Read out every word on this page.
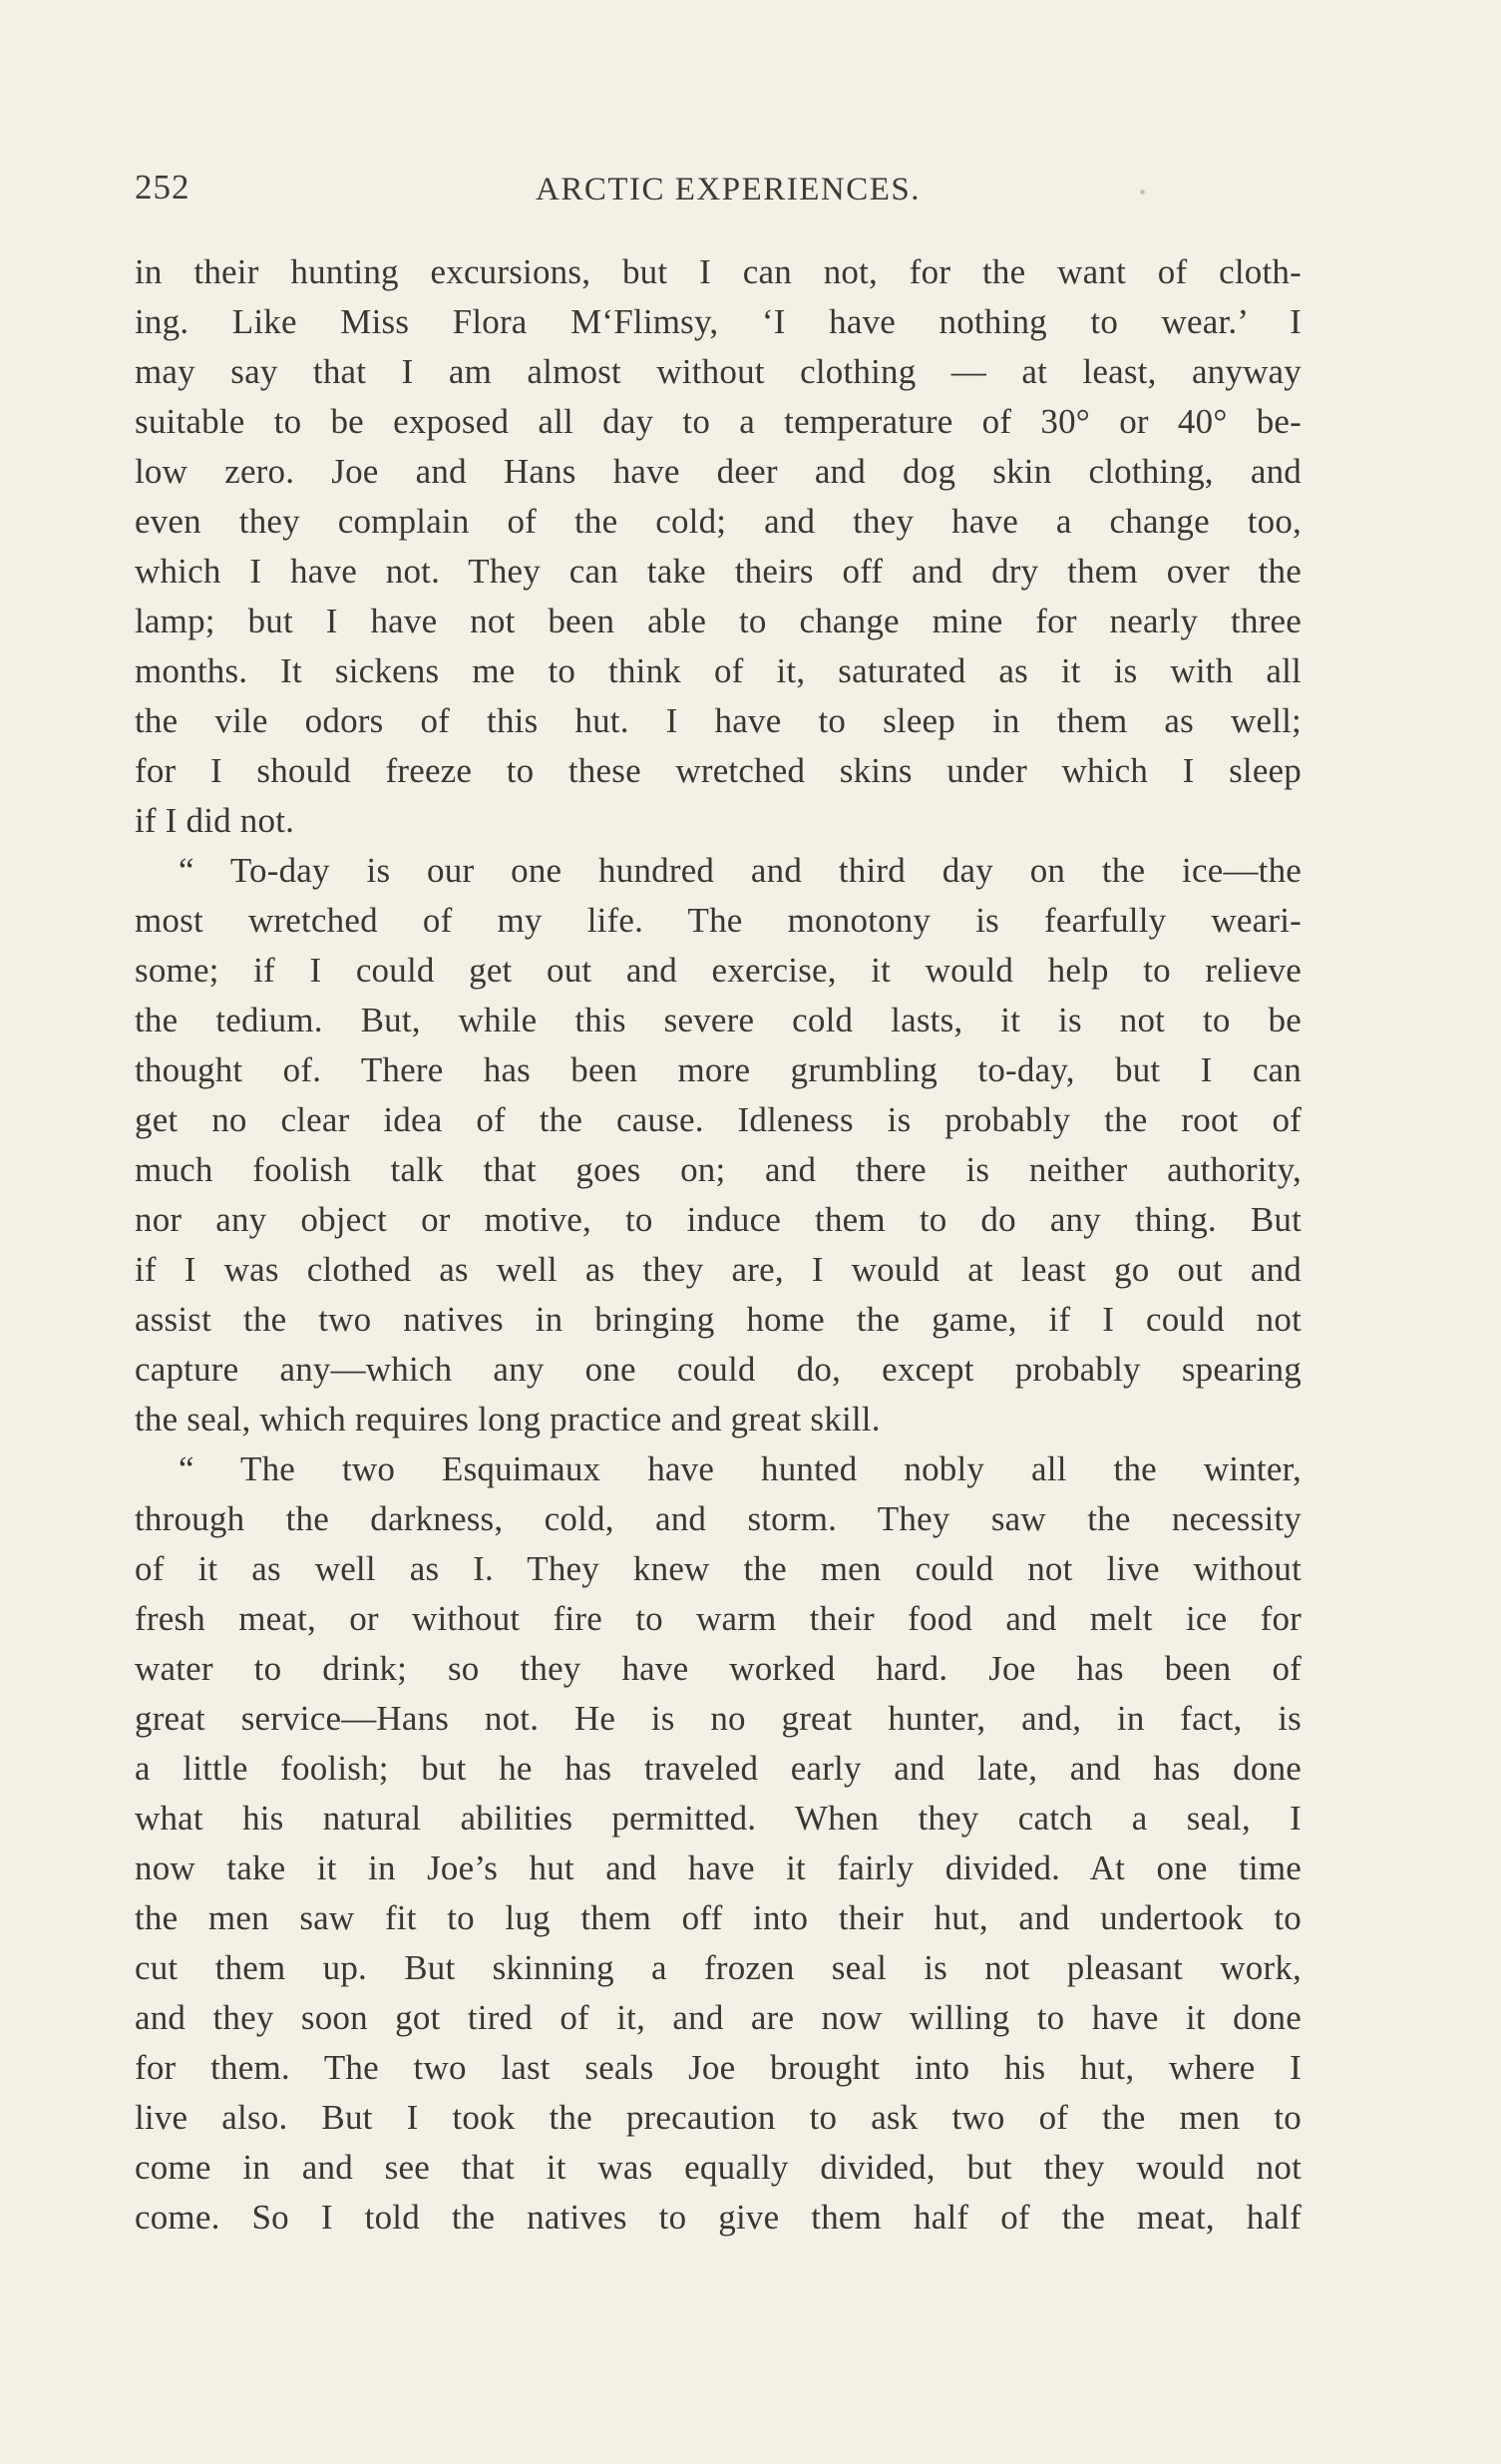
252	ARCTIC EXPERIENCES.
in their hunting excursions, but I can not, for the want of cloth-
ing. Like Miss Flora M‘Flimsy, ‘I have nothing to wear.’ I
may say that I am almost without clothing — at least, anyway
suitable to be exposed all day to a temperature of 30° or 40° be-
low zero. Joe and Hans have deer and dog skin clothing, and
even they complain of the cold; and they have a change too,
which I have not. They can take theirs off and dry them over the
lamp; but I have not been able to change mine for nearly three
months. It sickens me to think of it, saturated as it is with all
the vile odors of this hut. I have to sleep in them as well;
for I should freeze to these wretched skins under which I sleep
if I did not.
“ To-day is our one hundred and third day on the ice—the
most wretched of my life. The monotony is fearfully weari-
some; if I could get out and exercise, it would help to relieve
the tedium. But, while this severe cold lasts, it is not to be
thought of. There has been more grumbling to-day, but I can
get no clear idea of the cause. Idleness is probably the root of
much foolish talk that goes on; and there is neither authority,
nor any object or motive, to induce them to do any thing. But
if I was clothed as well as they are, I would at least go out and
assist the two natives in bringing home the game, if I could not
capture any—which any one could do, except probably spearing
the seal, which requires long practice and great skill.
“ The two Esquimaux have hunted nobly all the winter,
through the darkness, cold, and storm. They saw the necessity
of it as well as I. They knew the men could not live without
fresh meat, or without fire to warm their food and melt ice for
water to drink; so they have worked hard. Joe has been of
great service—Hans not. He is no great hunter, and, in fact, is
a little foolish; but he has traveled early and late, and has done
what his natural abilities permitted. When they catch a seal, I
now take it in Joe’s hut and have it fairly divided. At one time
the men saw fit to lug them off into their hut, and undertook to
cut them up. But skinning a frozen seal is not pleasant work,
and they soon got tired of it, and are now willing to have it done
for them. The two last seals Joe brought into his hut, where I
live also. But I took the precaution to ask two of the men to
come in and see that it was equally divided, but they would not
come. So I told the natives to give them half of the meat, half
